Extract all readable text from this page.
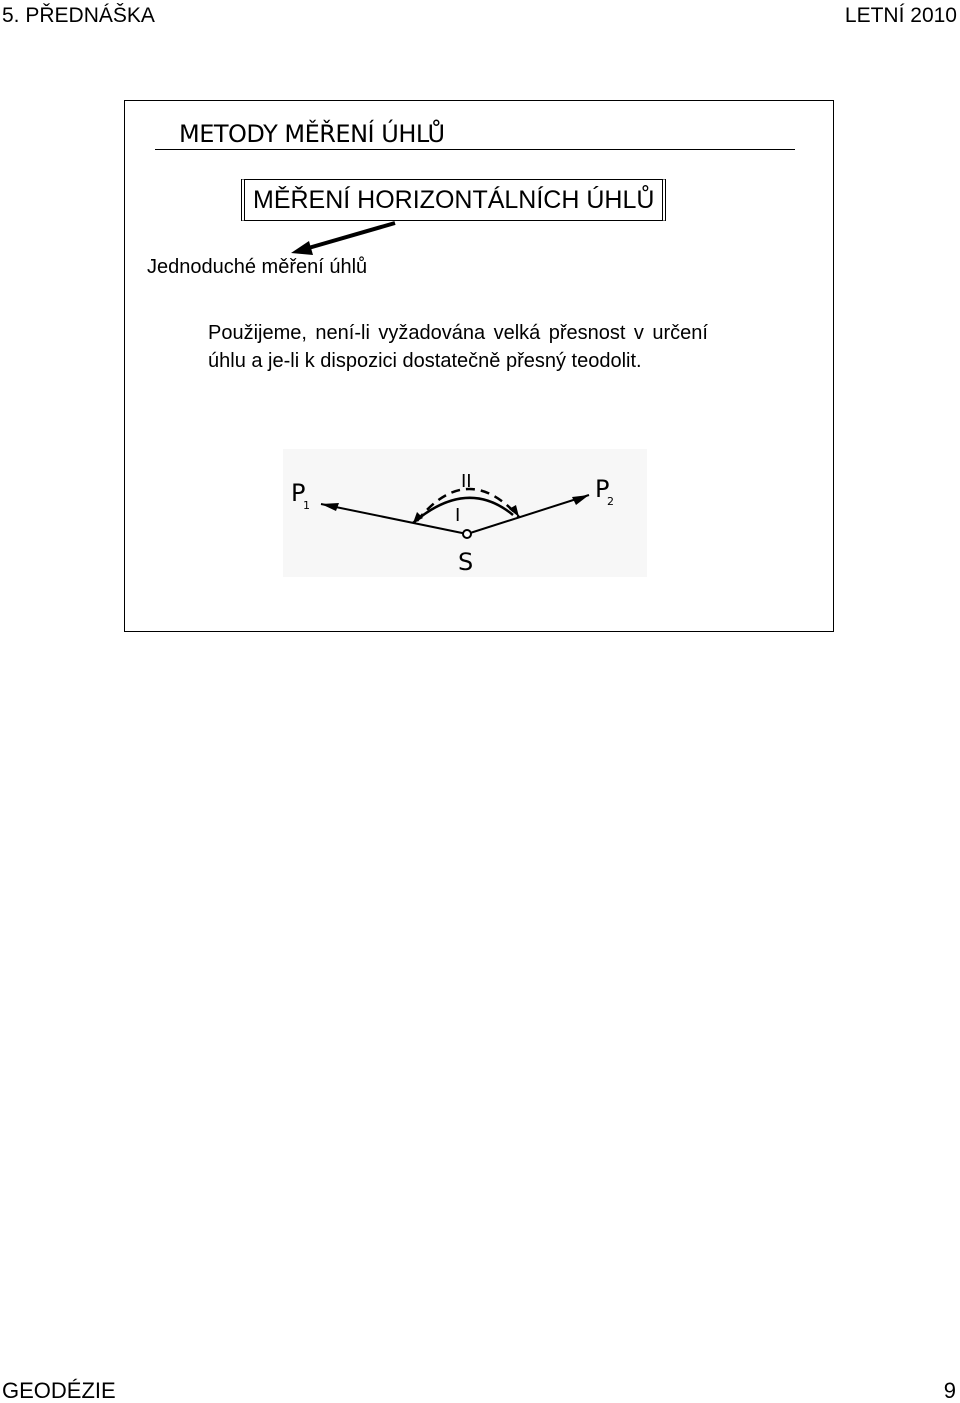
5. PŘEDNÁŠKA	LETNÍ 2010
METODY MĚŘENÍ ÚHLŮ
MĚŘENÍ HORIZONTÁLNÍCH ÚHLŮ
Jednoduché měření úhlů

Použijeme, není-li vyžadována velká přesnost v určení úhlu a je-li k dispozici dostatečně přesný teodolit.

P
1
P
2
S
I
II
GEODÉZIE	9
